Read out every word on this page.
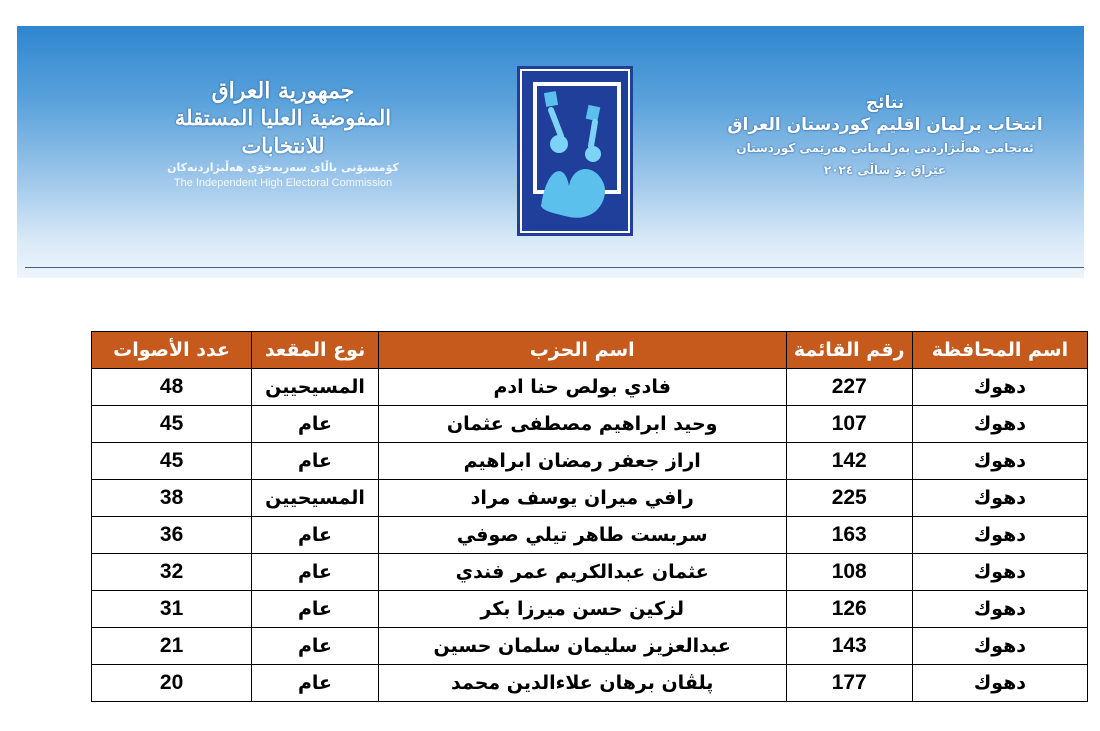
جمهورية العراق
المفوضية العليا المستقلة للانتخابات
کۆمسیۆنی باڵای سەربەخۆی هەڵبژاردنەکان
The Independent High Electoral Commission
نتائج
انتخاب برلمان اقليم كوردستان العراق
ئەنجامی هەڵبژاردنی پەرلەمانی هەرێمی کوردستان
عێراق بۆ ساڵی ٢٠٢٤
اسم المحافظة	رقم القائمة	اسم الحزب	نوع المقعد	عدد الأصوات
دهوك	227	فادي بولص حنا ادم	المسيحيين	48
دهوك	107	وحيد ابراهيم مصطفى عثمان	عام	45
دهوك	142	اراز جعفر رمضان ابراهيم	عام	45
دهوك	225	رافي ميران يوسف مراد	المسيحيين	38
دهوك	163	سربست طاهر تيلي صوفي	عام	36
دهوك	108	عثمان عبدالكريم عمر فندي	عام	32
دهوك	126	لزكين حسن ميرزا بكر	عام	31
دهوك	143	عبدالعزيز سليمان سلمان حسين	عام	21
دهوك	177	پلڤان برهان علاءالدين محمد	عام	20
